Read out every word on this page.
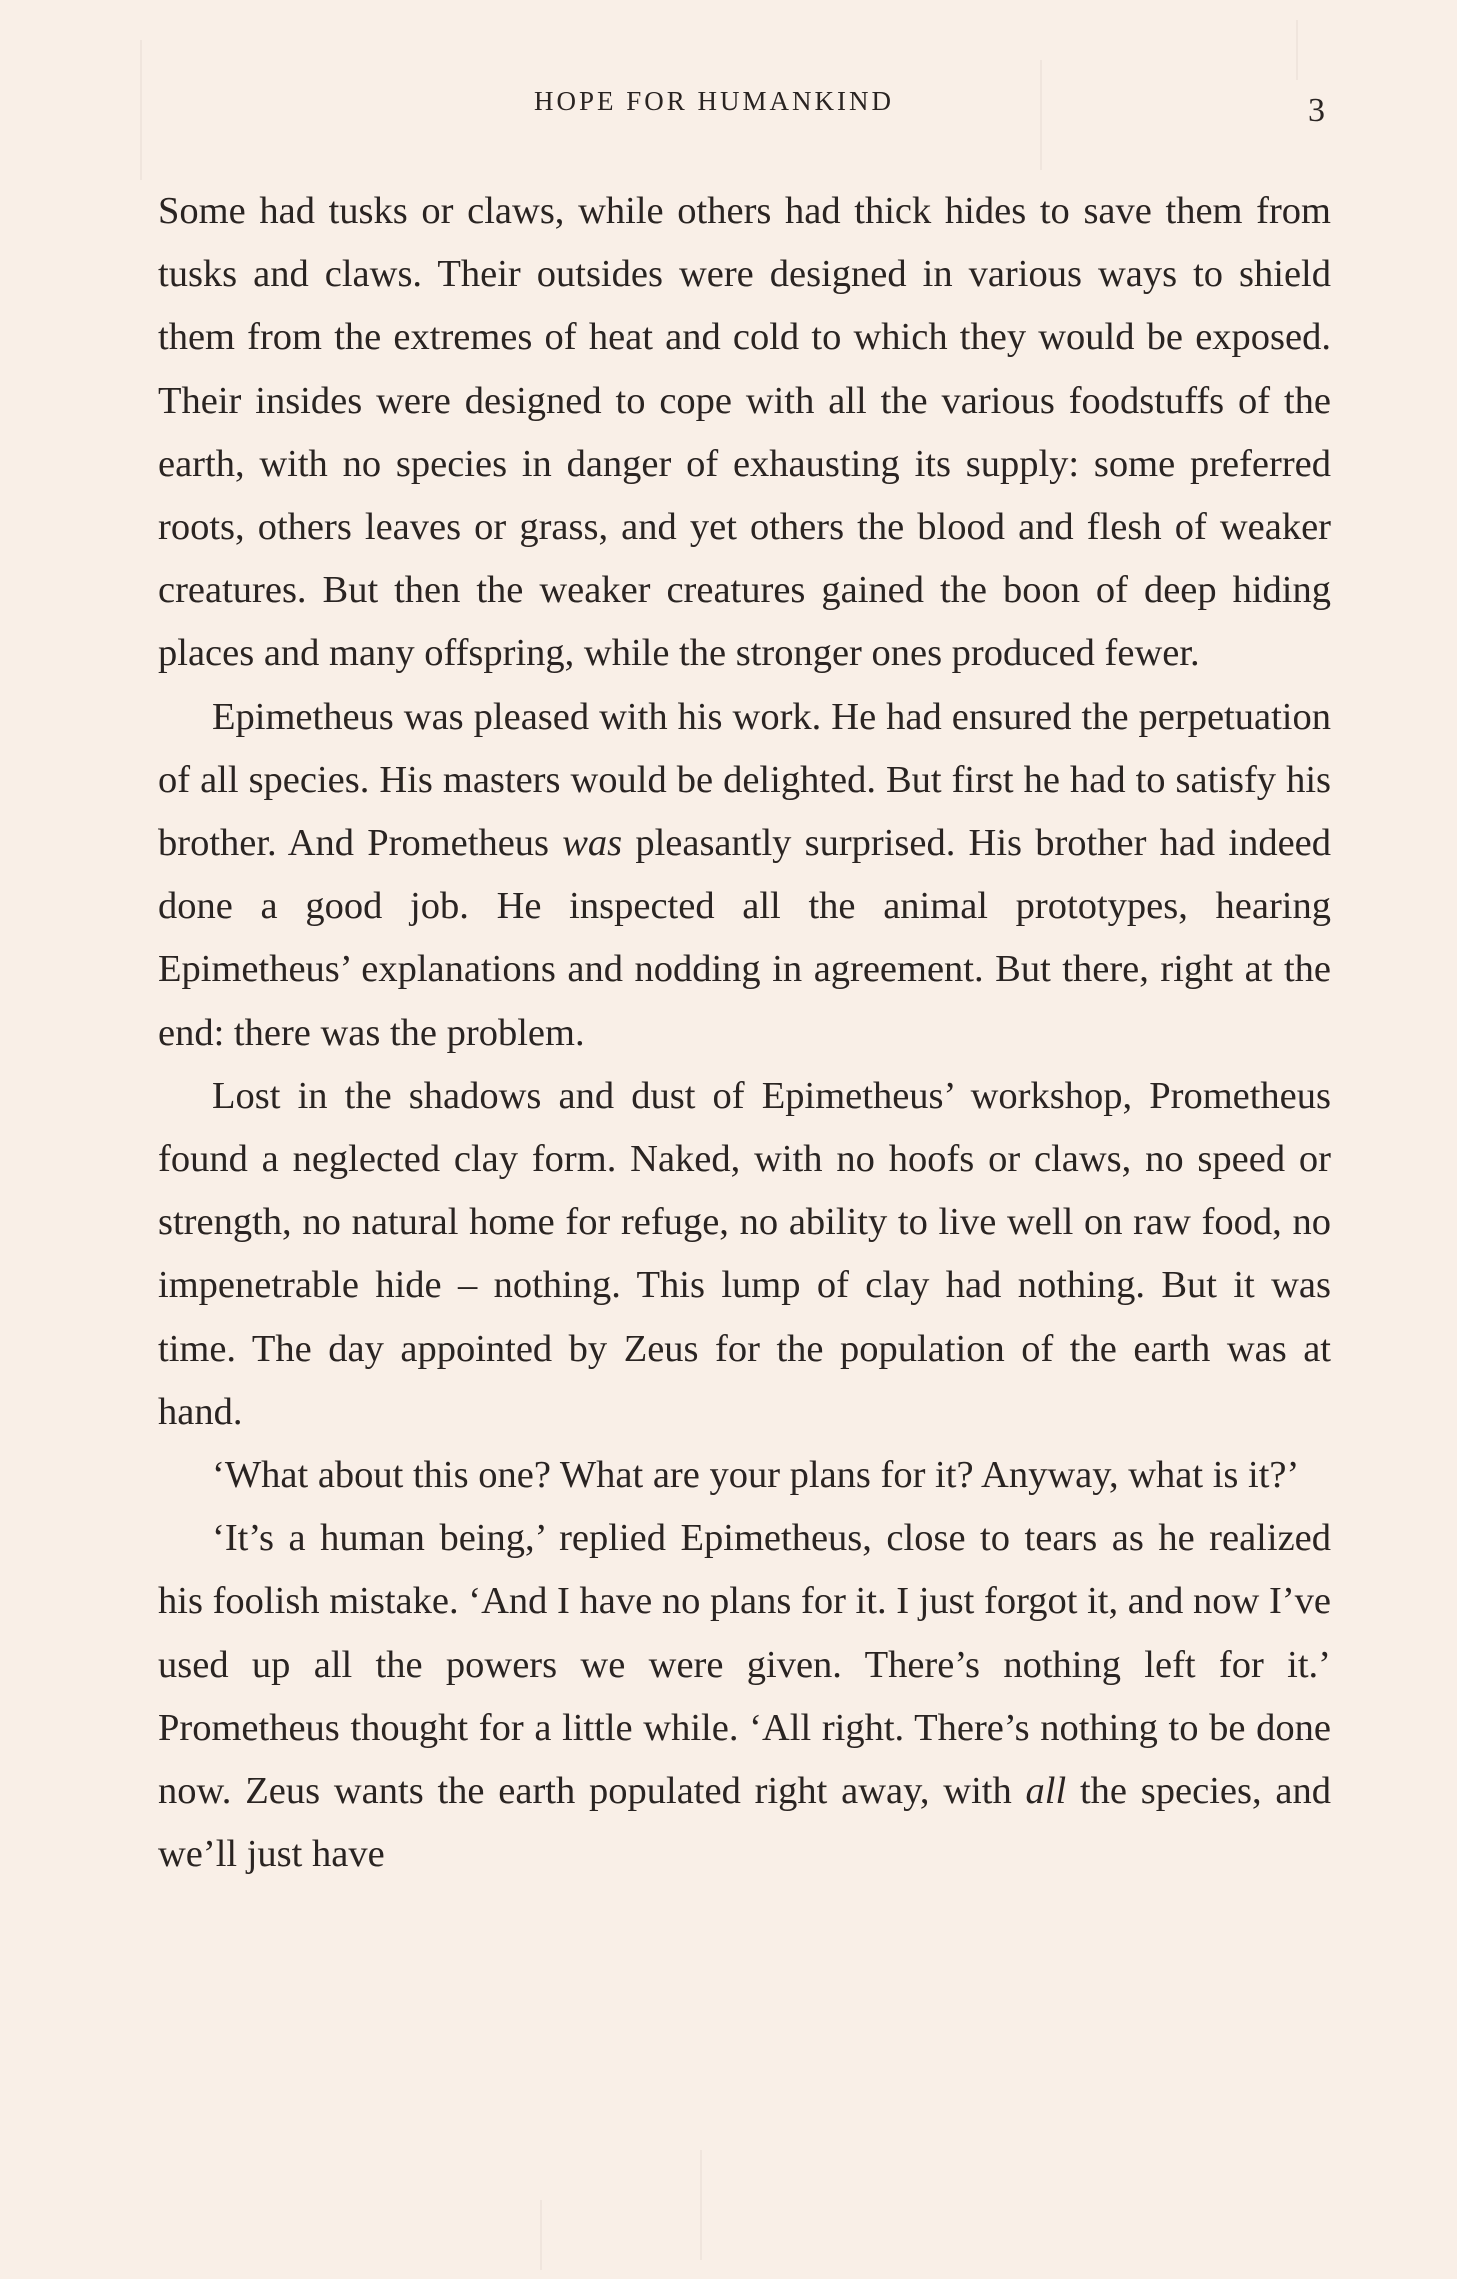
HOPE FOR HUMANKIND	3

Some had tusks or claws, while others had thick hides to save them from tusks and claws. Their outsides were designed in various ways to shield them from the extremes of heat and cold to which they would be exposed. Their insides were designed to cope with all the various foodstuffs of the earth, with no species in danger of exhausting its supply: some preferred roots, others leaves or grass, and yet others the blood and flesh of weaker creatures. But then the weaker creatures gained the boon of deep hiding places and many offspring, while the stronger ones produced fewer.

Epimetheus was pleased with his work. He had ensured the perpetuation of all species. His masters would be delighted. But first he had to satisfy his brother. And Prometheus was pleasantly surprised. His brother had indeed done a good job. He inspected all the animal prototypes, hearing Epimetheus’ explanations and nodding in agreement. But there, right at the end: there was the problem.

Lost in the shadows and dust of Epimetheus’ workshop, Prometheus found a neglected clay form. Naked, with no hoofs or claws, no speed or strength, no natural home for refuge, no ability to live well on raw food, no impenetrable hide – nothing. This lump of clay had nothing. But it was time. The day appointed by Zeus for the population of the earth was at hand.

‘What about this one? What are your plans for it? Anyway, what is it?’

‘It’s a human being,’ replied Epimetheus, close to tears as he realized his foolish mistake. ‘And I have no plans for it. I just forgot it, and now I’ve used up all the powers we were given. There’s nothing left for it.’ Prometheus thought for a little while. ‘All right. There’s nothing to be done now. Zeus wants the earth populated right away, with all the species, and we’ll just have
